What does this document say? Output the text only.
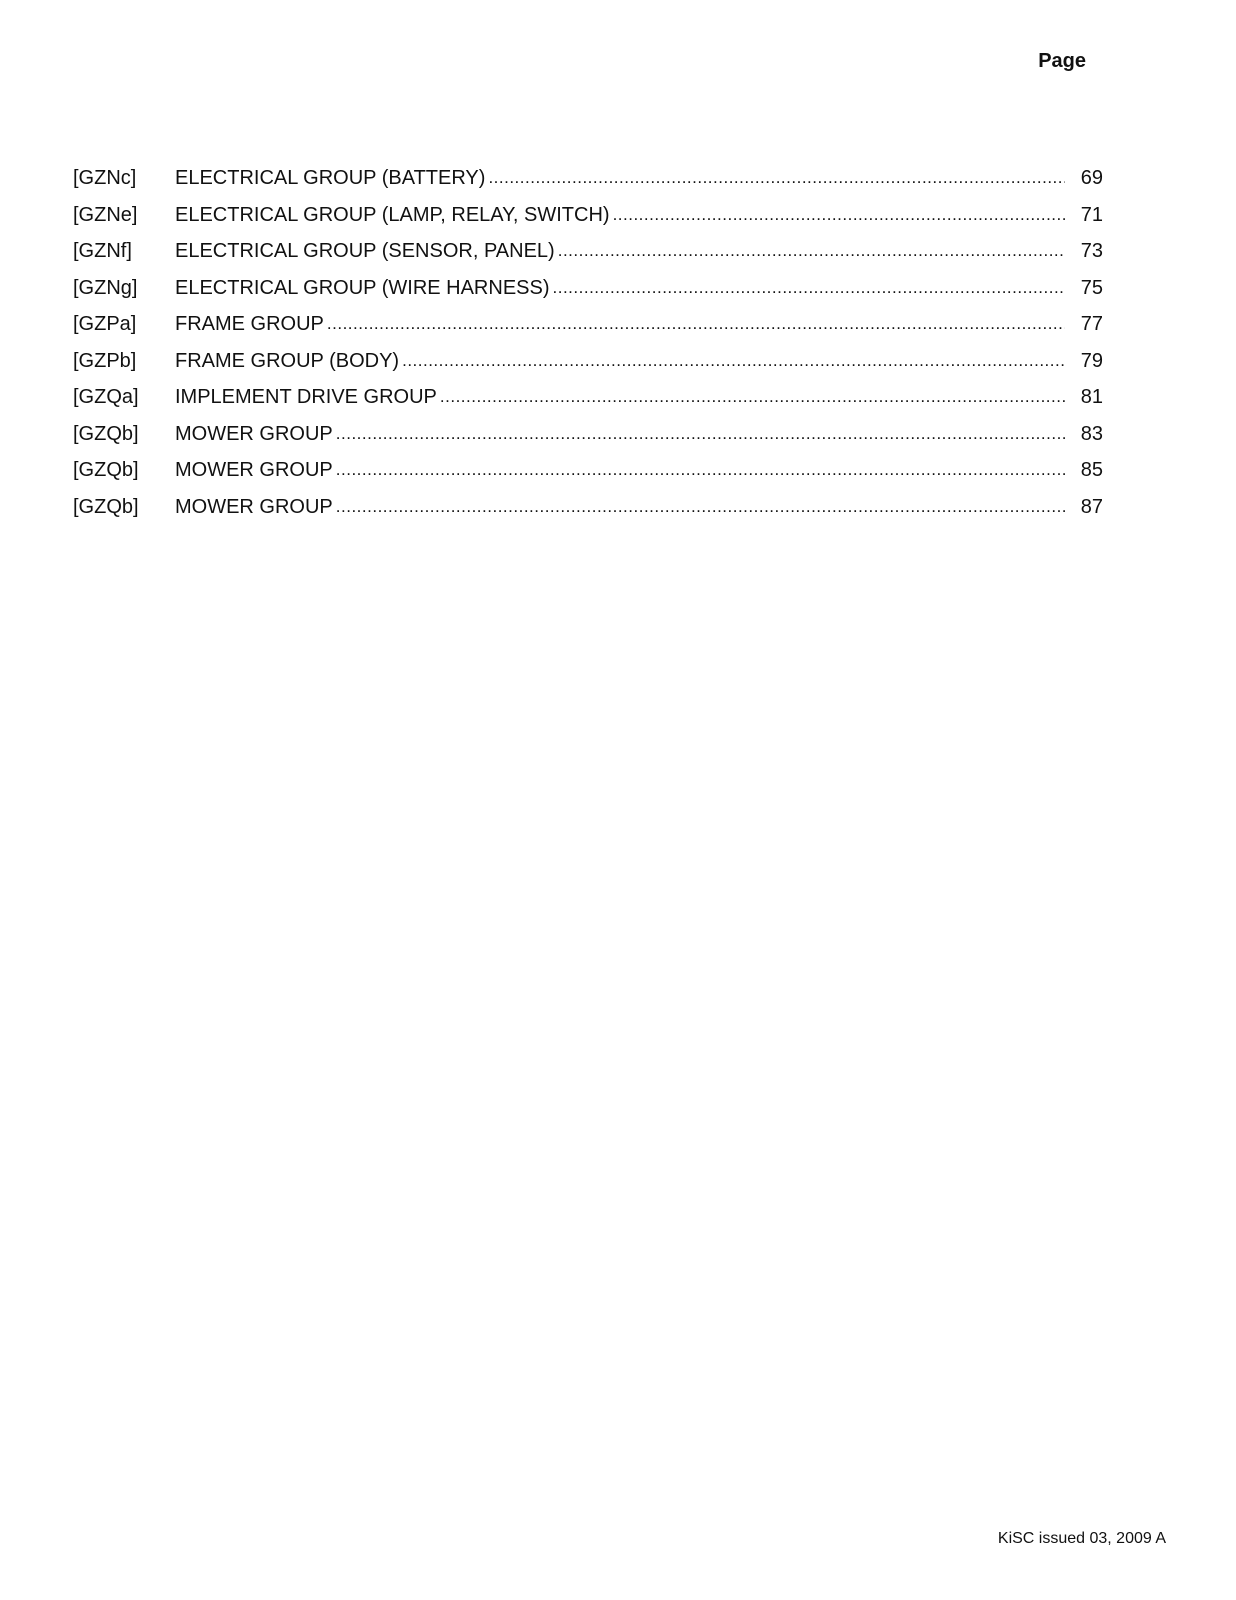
Page
[GZNc]	ELECTRICAL GROUP (BATTERY) .....	69
[GZNe]	ELECTRICAL GROUP (LAMP, RELAY, SWITCH) .....	71
[GZNf]	ELECTRICAL GROUP (SENSOR, PANEL) .....	73
[GZNg]	ELECTRICAL GROUP (WIRE HARNESS) .....	75
[GZPa]	FRAME GROUP .....	77
[GZPb]	FRAME GROUP (BODY) .....	79
[GZQa]	IMPLEMENT DRIVE GROUP .....	81
[GZQb]	MOWER GROUP .....	83
[GZQb]	MOWER GROUP .....	85
[GZQb]	MOWER GROUP .....	87
KiSC issued 03, 2009 A
